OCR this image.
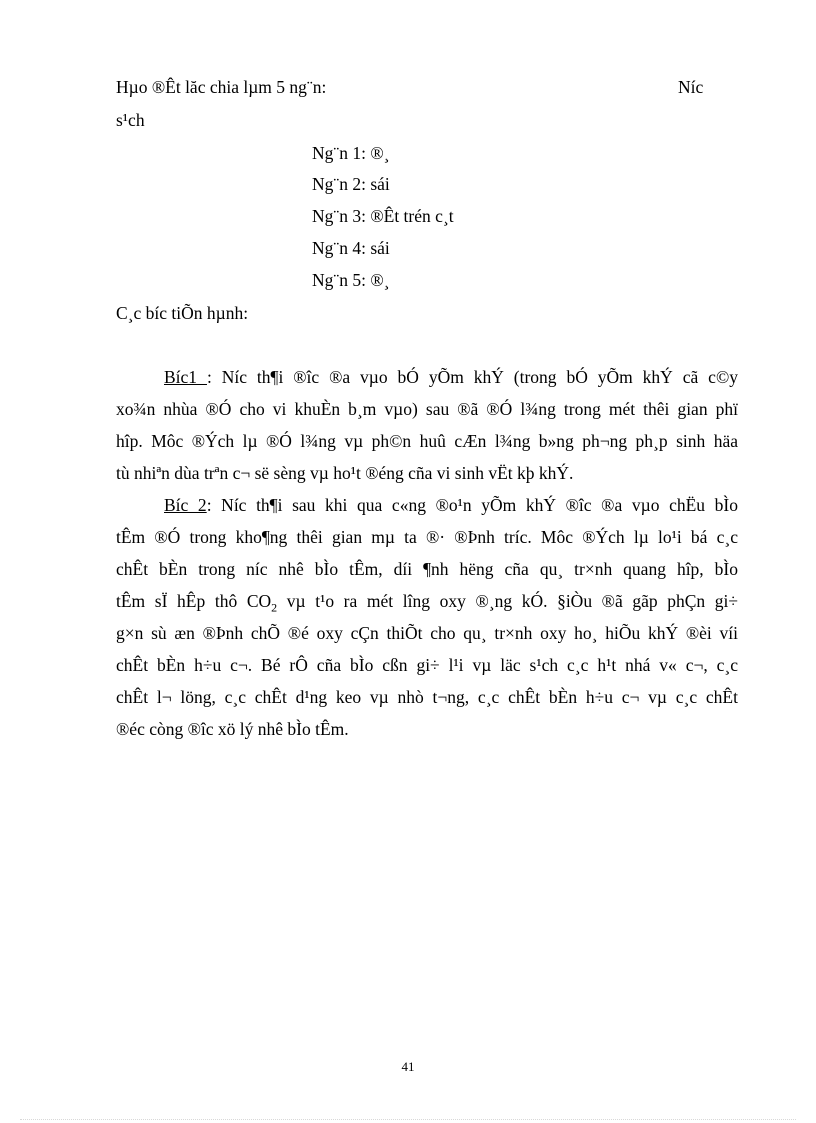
Hµo ®Êt lăc chia lµm 5 ng¨n:	Níc
s¹ch
Ng¨n 1: ®¸
Ng¨n 2: sái
Ng¨n 3: ®Êt trén c¸t
Ng¨n 4: sái
Ng¨n 5: ®¸
C¸c bíc tiÕn hµnh:
Bíc1 : Níc th¶i ®îc ®a vµo bÓ yÕm khÝ (trong bÓ yÕm khÝ cã c©y
xo¾n nhùa ®Ó cho vi khuÈn b¸m vµo) sau ®ã ®Ó l¾ng trong mét thêi gian phï
hîp. Môc ®Ých lµ ®Ó l¾ng vµ ph©n huû cÆn l¾ng b»ng ph¬ng ph¸p sinh häa
tù nhiªn dùa trªn c¬ së sèng vµ ho¹t ®éng cña vi sinh vËt kþ khÝ.
Bíc 2: Níc th¶i sau khi qua c«ng ®o¹n yÕm khÝ ®îc ®a vµo chËu bÌo
tÊm ®Ó trong kho¶ng thêi gian mµ ta ®· ®Þnh tríc. Môc ®Ých lµ lo¹i bá c¸c
chÊt bÈn trong níc nhê bÌo tÊm, díi ¶nh hëng cña qu¸ tr×nh quang hîp, bÌo
tÊm sÏ hÊp thô $CO_2$ vµ t¹o ra mét lîng oxy ®¸ng kÓ. §iÒu ®ã gãp phÇn gi÷
g×n sù æn ®Þnh chÕ ®é oxy cÇn thiÕt cho qu¸ tr×nh oxy ho¸ hiÕu khÝ ®èi víi
chÊt bÈn h÷u c¬. Bé rÔ cña bÌo cßn gi÷ l¹i vµ läc s¹ch c¸c h¹t nhá v« c¬, c¸c
chÊt l¬ löng, c¸c chÊt d¹ng keo vµ nhò t¬ng, c¸c chÊt bÈn h÷u c¬ vµ c¸c chÊt
®éc còng ®îc xö lý nhê bÌo tÊm.
41
